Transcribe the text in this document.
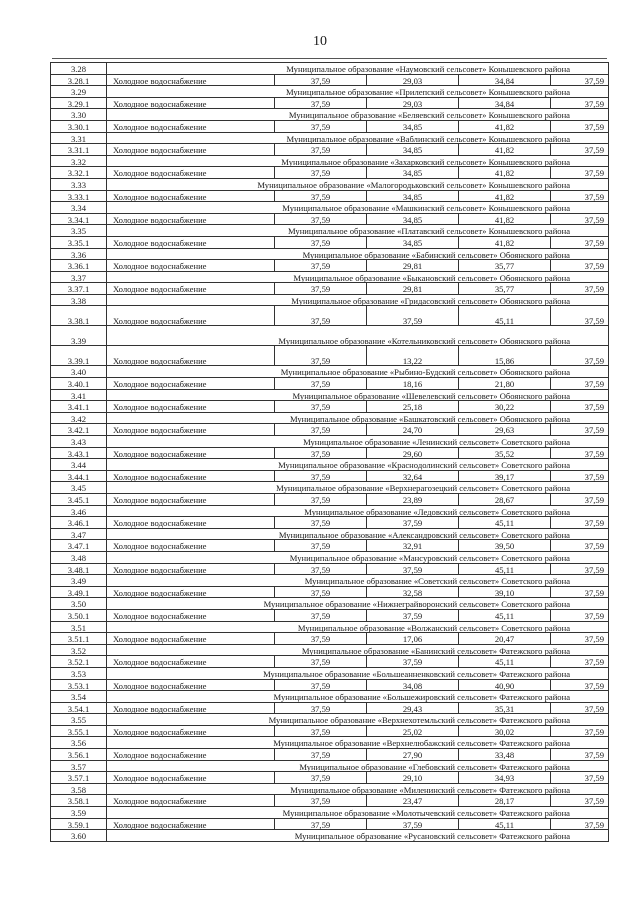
10
3.28	Муниципальное образование «Наумовский сельсовет» Конышевского района				
3.28.1	Холодное водоснабжение	37,59	29,03	34,84	37,59
3.29	Муниципальное образование «Прилепский сельсовет» Конышевского района				
3.29.1	Холодное водоснабжение	37,59	29,03	34,84	37,59
3.30	Муниципальное образование «Беляевский сельсовет» Конышевского района				
3.30.1	Холодное водоснабжение	37,59	34,85	41,82	37,59
3.31	Муниципальное образование «Ваблинский сельсовет» Конышевского района				
3.31.1	Холодное водоснабжение	37,59	34,85	41,82	37,59
3.32	Муниципальное образование «Захарковский сельсовет» Конышевского района				
3.32.1	Холодное водоснабжение	37,59	34,85	41,82	37,59
3.33	Муниципальное образование «Малогородьковский сельсовет» Конышевского района				
3.33.1	Холодное водоснабжение	37,59	34,85	41,82	37,59
3.34	Муниципальное образование «Машкинский сельсовет» Конышевского района				
3.34.1	Холодное водоснабжение	37,59	34,85	41,82	37,59
3.35	Муниципальное образование «Платавский сельсовет» Конышевского района				
3.35.1	Холодное водоснабжение	37,59	34,85	41,82	37,59
3.36	Муниципальное образование «Бабинский сельсовет» Обоянского района				
3.36.1	Холодное водоснабжение	37,59	29,81	35,77	37,59
3.37	Муниципальное образование «Быкановский сельсовет» Обоянского района				
3.37.1	Холодное водоснабжение	37,59	29,81	35,77	37,59
3.38	Муниципальное образование «Гридасовский сельсовет» Обоянского района				
3.38.1	Холодное водоснабжение	37,59	37,59	45,11	37,59
3.39	Муниципальное образование «Котельниковский сельсовет» Обоянского района				
3.39.1	Холодное водоснабжение	37,59	13,22	15,86	37,59
3.40	Муниципальное образование «Рыбино-Будский сельсовет» Обоянского района				
3.40.1	Холодное водоснабжение	37,59	18,16	21,80	37,59
3.41	Муниципальное образование «Шевелевский сельсовет» Обоянского района				
3.41.1	Холодное водоснабжение	37,59	25,18	30,22	37,59
3.42	Муниципальное образование «Башкатовский сельсовет» Обоянского района				
3.42.1	Холодное водоснабжение	37,59	24,70	29,63	37,59
3.43	Муниципальное образование «Ленинский сельсовет» Советского района				
3.43.1	Холодное водоснабжение	37,59	29,60	35,52	37,59
3.44	Муниципальное образование «Краснодолинский сельсовет» Советского района				
3.44.1	Холодное водоснабжение	37,59	32,64	39,17	37,59
3.45	Муниципальное образование «Верхнерагозецкий сельсовет» Советского района				
3.45.1	Холодное водоснабжение	37,59	23,89	28,67	37,59
3.46	Муниципальное образование «Ледовский сельсовет» Советского района				
3.46.1	Холодное водоснабжение	37,59	37,59	45,11	37,59
3.47	Муниципальное образование «Александровский сельсовет» Советского района				
3.47.1	Холодное водоснабжение	37,59	32,91	39,50	37,59
3.48	Муниципальное образование «Мансуровский сельсовет» Советского района				
3.48.1	Холодное водоснабжение	37,59	37,59	45,11	37,59
3.49	Муниципальное образование «Советский сельсовет» Советского района				
3.49.1	Холодное водоснабжение	37,59	32,58	39,10	37,59
3.50	Муниципальное образование «Нижнеграйворонский сельсовет» Советского района				
3.50.1	Холодное водоснабжение	37,59	37,59	45,11	37,59
3.51	Муниципальное образование «Волжанский сельсовет» Советского района				
3.51.1	Холодное водоснабжение	37,59	17,06	20,47	37,59
3.52	Муниципальное образование «Банинский сельсовет» Фатежского района				
3.52.1	Холодное водоснабжение	37,59	37,59	45,11	37,59
3.53	Муниципальное образование «Большеанненковский сельсовет» Фатежского района				
3.53.1	Холодное водоснабжение	37,59	34,08	40,90	37,59
3.54	Муниципальное образование «Большежировский сельсовет» Фатежского района				
3.54.1	Холодное водоснабжение	37,59	29,43	35,31	37,59
3.55	Муниципальное образование «Верхнехотемльский сельсовет» Фатежского района				
3.55.1	Холодное водоснабжение	37,59	25,02	30,02	37,59
3.56	Муниципальное образование «Верхнелюбажский сельсовет» Фатежского района				
3.56.1	Холодное водоснабжение	37,59	27,90	33,48	37,59
3.57	Муниципальное образование «Глебовский сельсовет» Фатежского района				
3.57.1	Холодное водоснабжение	37,59	29,10	34,93	37,59
3.58	Муниципальное образование «Миленинский сельсовет» Фатежского района				
3.58.1	Холодное водоснабжение	37,59	23,47	28,17	37,59
3.59	Муниципальное образование «Молотычевский сельсовет» Фатежского района				
3.59.1	Холодное водоснабжение	37,59	37,59	45,11	37,59
3.60	Муниципальное образование «Русановский сельсовет» Фатежского района				
